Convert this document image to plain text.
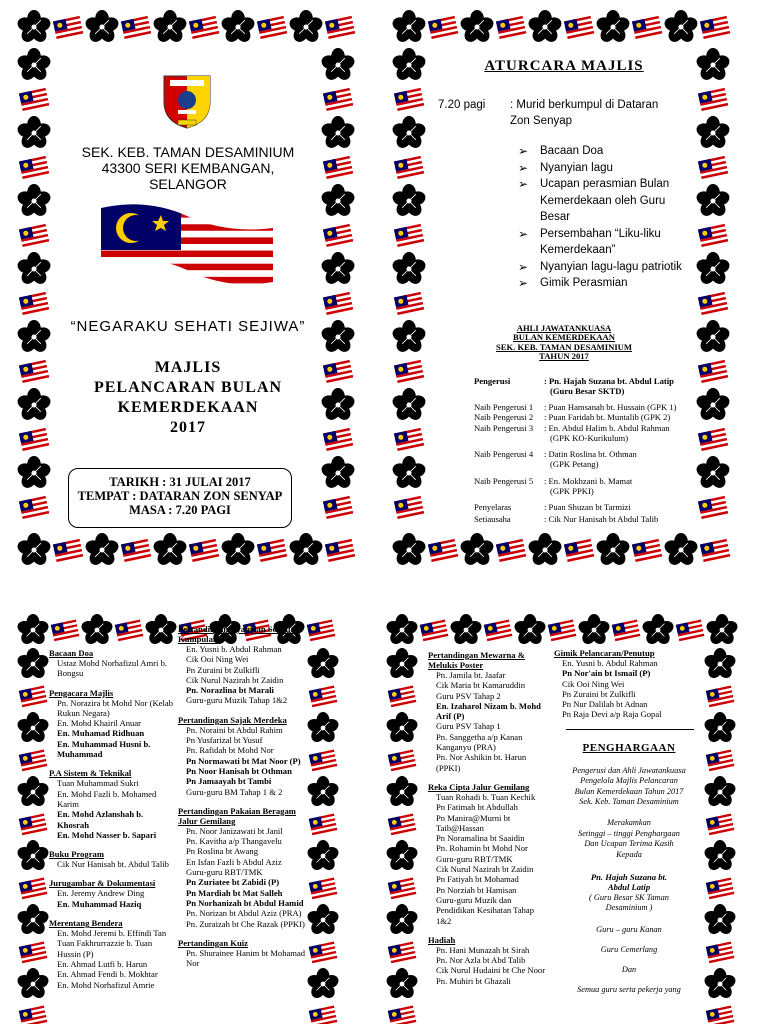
SEK. KEB. TAMAN DESAMINIUM
43300 SERI KEMBANGAN,
SELANGOR
“NEGARAKU SEHATI SEJIWA”
MAJLIS
PELANCARAN BULAN
KEMERDEKAAN
2017
TARIKH : 31 JULAI 2017
TEMPAT : DATARAN ZON SENYAP
MASA : 7.20 PAGI
ATURCARA MAJLIS
7.20 pagi	: Murid berkumpul di Dataran Zon Senyap
➢ Bacaan Doa
➢ Nyanyian lagu
➢ Ucapan perasmian Bulan Kemerdekaan oleh Guru Besar
➢ Persembahan “Liku-liku Kemerdekaan”
➢ Nyanyian lagu-lagu patriotik
➢ Gimik Perasmian
AHLI JAWATANKUASA
BULAN KEMERDEKAAN
SEK. KEB. TAMAN DESAMINIUM
TAHUN 2017
Pengerusi	: Pn. Hajah Suzana bt. Abdul Latip
(Guru Besar SKTD)
Naib Pengerusi 1	: Puan Hamsanah bt. Hussain (GPK 1)
Naib Pengerusi 2	: Puan Faridah bt. Muntalib (GPK 2)
Naib Pengerusi 3	: En. Abdul Halim b. Abdul Rahman
(GPK KO-Kurikulum)
Naib Pengerusi 4	: Datin Roslina bt. Othman
(GPK Petang)
Naib Pengerusi 5	: En. Mokhzani b. Mamat
(GPK PPKI)
Penyelaras	: Puan Shuzan bt Tarmizi
Setiausaha	: Cik Nur Hanisah bt Abdul Talib
Bacaan Doa
Ustaz Mohd Norhafizul Amri b. Bongsu
Pengacara Majlis
Pn. Norazira bt Mohd Nor (Kelab Rukun Negara)
En. Mohd Khairil Anuar
En. Muhamad Ridhuan
En. Muhammad Husni b. Muhammad
P.A Sistem & Teknikal
Tuan Muhammad Sukri
En. Mohd Fazli b. Mohamed Karim
En. Mohd Azlanshah b. Khosrah
En. Mohd Nasser b. Sapari
Buku Program
Cik Nur Hanisah bt. Abdul Talib
Jurugambar & Dokumentasi
En. Jeremy Andrew Ding
En. Muhammad Haziq
Merentang Bendera
En. Mohd Jeremi b. Effindi Tan
Tuan Fakhrurrazzie b. Tuan Hussin (P)
En. Ahmad Lutfi b. Harun
En. Ahmad Fendi b. Mokhtar
En. Mohd Norhafizul Amrie
Pertandingan Nyanyian Solo dan Kumpulan
En. Yusni b. Abdul Rahman
Cik Ooi Ning Wei
Pn Zuraini bt Zulkifli
Cik Nurul Nazirah bt Zaidin
Pn. Norazlina bt Marali
Guru-guru Muzik Tahap 1&2
Pertandingan Sajak Merdeka
Pn. Noraini bt Abdul Rahim
Pn Yusfarizal bt Yusuf
Pn. Rafidah bt Mohd Nor
Pn Normawati bt Mat Noor (P)
Pn Noor Hanisah bt Othman
Pn Jamaayah bt Tambi
Guru-guru BM Tahap 1 & 2
Pertandingan Pakaian Beragam Jalur Gemilang
Pn. Noor Janizawati bt Janil
Pn. Kavitha a/p Thangavelu
Pn Roslina bt Awang
En Isfan Fazli b Abdul Aziz
Guru-guru RBT/TMK
Pn Zuriatee bt Zabidi (P)
Pn Mardiah bt Mat Salleh
Pn Norhanizah bt Abdul Hamid
Pn. Norizan bt Abdul Aziz (PRA)
Pn. Zuraizah bt Che Razak (PPKI)
Pertandingan Kuiz
Pn. Shurainee Hanim bt Mohamad Nor
Pertandingan Mewarna & Melukis Poster
Pn. Jamila bt. Jaafar
Cik Maria bt Kamaruddin
Guru PSV Tahap 2
En. Izaharol Nizam b. Mohd Arif (P)
Guru PSV Tahap 1
Pn. Sanggetha a/p Kanan Kanganyu (PRA)
Pn. Nor Ashikin bt. Harun (PPKI)
Reka Cipta Jalur Gemilang
Tuan Rohadi b. Tuan Kechik
Pn Fatimah bt Abdullah
Pn Manira@Murni bt Taib@Hassan
Pn Noramalina bt Saaidin
Pn. Rohamin bt Mohd Nor
Guru-guru RBT/TMK
Cik Nurul Nazirah bt Zaidin
Pn Fatiyah bt Mohamad
Pn Norziah bt Hamisan
Guru-guru Muzik dan Pendidikan Kesihatan Tahap 1&2
Hadiah
Pn. Hani Munazah bt Sirah
Pn. Nor Azla bt Abd Talib
Cik Nurul Hudaini bt Che Noor
Pn. Muhiri bt Ghazali
Gimik Pelancaran/Penutup
En. Yusni b. Abdul Rahman
Pn Nor'ain bt Ismail (P)
Cik Ooi Ning Wei
Pn Zuraini bt Zulkifli
Pn Nur Dalilah bt Adnan
Pn Raja Devi a/p Raja Gopal
PENGHARGAAN
Pengerusi dan Ahli Jawatankuasa Pengelola Majlis Pelancaran Bulan Kemerdekaan Tahun 2017
Sek. Keb. Taman Desaminium
Merakamkan
Setinggi – tinggi Penghargaan
Dan Ucapan Terima Kasih
Kepada
Pn. Hajah Suzana bt. Abdul Latip
( Guru Besar SK Taman Desaminium )
Guru – guru Kanan
Guru Cemerlang
Dan
Semua guru serta pekerja yang
